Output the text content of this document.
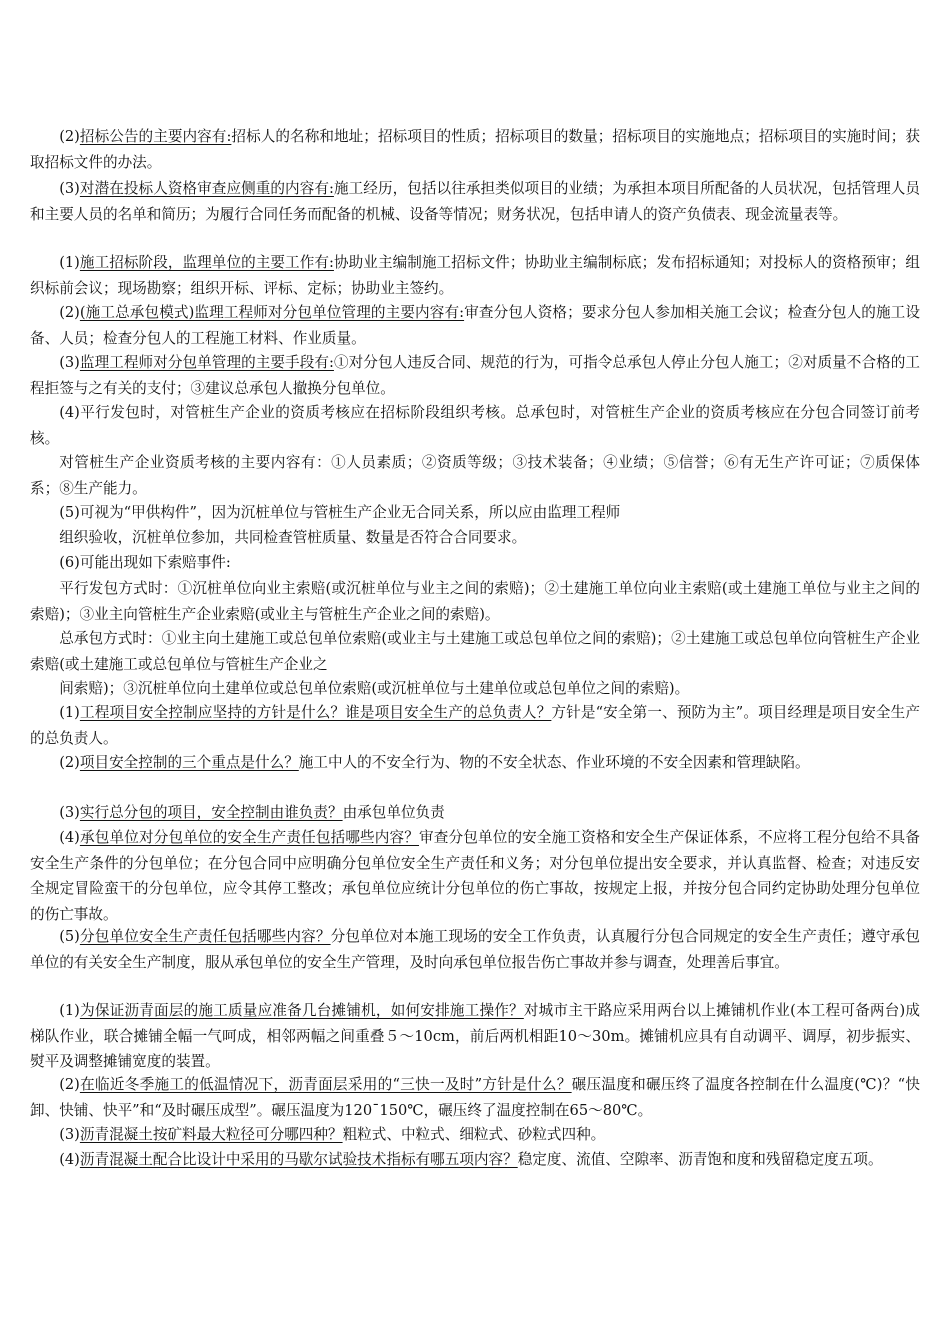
(2)招标公告的主要内容有:招标人的名称和地址；招标项目的性质；招标项目的数量；招标项目的实施地点；招标项目的实施时间；获取招标文件的办法。

(3)对潜在投标人资格审查应侧重的内容有:施工经历，包括以往承担类似项目的业绩；为承担本项目所配备的人员状况，包括管理人员和主要人员的名单和简历；为履行合同任务而配备的机械、设备等情况；财务状况，包括申请人的资产负债表、现金流量表等。

(1)施工招标阶段，监理单位的主要工作有:协助业主编制施工招标文件；协助业主编制标底；发布招标通知；对投标人的资格预审；组织标前会议；现场勘察；组织开标、评标、定标；协助业主签约。

(2)(施工总承包模式)监理工程师对分包单位管理的主要内容有:审查分包人资格；要求分包人参加相关施工会议；检查分包人的施工设备、人员；检查分包人的工程施工材料、作业质量。

(3)监理工程师对分包单管理的主要手段有:①对分包人违反合同、规范的行为，可指令总承包人停止分包人施工；②对质量不合格的工程拒签与之有关的支付；③建议总承包人撤换分包单位。

(4)平行发包时，对管桩生产企业的资质考核应在招标阶段组织考核。总承包时，对管桩生产企业的资质考核应在分包合同签订前考核。

对管桩生产企业资质考核的主要内容有：①人员素质；②资质等级；③技术装备；④业绩；⑤信誉；⑥有无生产许可证；⑦质保体系；⑧生产能力。

(5)可视为“甲供构件”，因为沉桩单位与管桩生产企业无合同关系，所以应由监理工程师

组织验收，沉桩单位参加，共同检查管桩质量、数量是否符合合同要求。

(6)可能出现如下索赔事件:

平行发包方式时：①沉桩单位向业主索赔(或沉桩单位与业主之间的索赔)；②土建施工单位向业主索赔(或土建施工单位与业主之间的索赔)；③业主向管桩生产企业索赔(或业主与管桩生产企业之间的索赔)。

总承包方式时：①业主向土建施工或总包单位索赔(或业主与土建施工或总包单位之间的索赔)；②土建施工或总包单位向管桩生产企业索赔(或土建施工或总包单位与管桩生产企业之

间索赔)；③沉桩单位向土建单位或总包单位索赔(或沉桩单位与土建单位或总包单位之间的索赔)。

(1)工程项目安全控制应坚持的方针是什么？谁是项目安全生产的总负责人？方针是“安全第一、预防为主”。项目经理是项目安全生产的总负责人。

(2)项目安全控制的三个重点是什么？施工中人的不安全行为、物的不安全状态、作业环境的不安全因素和管理缺陷。

(3)实行总分包的项目，安全控制由谁负责？由承包单位负责

(4)承包单位对分包单位的安全生产责任包括哪些内容？审查分包单位的安全施工资格和安全生产保证体系，不应将工程分包给不具备安全生产条件的分包单位；在分包合同中应明确分包单位安全生产责任和义务；对分包单位提出安全要求，并认真监督、检查；对违反安全规定冒险蛮干的分包单位，应令其停工整改；承包单位应统计分包单位的伤亡事故，按规定上报，并按分包合同约定协助处理分包单位的伤亡事故。

(5)分包单位安全生产责任包括哪些内容？分包单位对本施工现场的安全工作负责，认真履行分包合同规定的安全生产责任；遵守承包单位的有关安全生产制度，服从承包单位的安全生产管理，及时向承包单位报告伤亡事故并参与调查，处理善后事宜。

(1)为保证沥青面层的施工质量应准备几台摊铺机，如何安排施工操作？对城市主干路应采用两台以上摊铺机作业(本工程可备两台)成梯队作业，联合摊铺全幅一气呵成，相邻两幅之间重叠５～10cm，前后两机相距10～30m。摊铺机应具有自动调平、调厚，初步振实、熨平及调整摊铺宽度的装置。

(2)在临近冬季施工的低温情况下，沥青面层采用的“三快一及时”方针是什么？碾压温度和碾压终了温度各控制在什么温度(℃)？“快卸、快铺、快平”和“及时碾压成型”。碾压温度为120¯150℃，碾压终了温度控制在65～80℃。

(3)沥青混凝土按矿料最大粒径可分哪四种？粗粒式、中粒式、细粒式、砂粒式四种。

(4)沥青混凝土配合比设计中采用的马歇尔试验技术指标有哪五项内容？稳定度、流值、空隙率、沥青饱和度和残留稳定度五项。
